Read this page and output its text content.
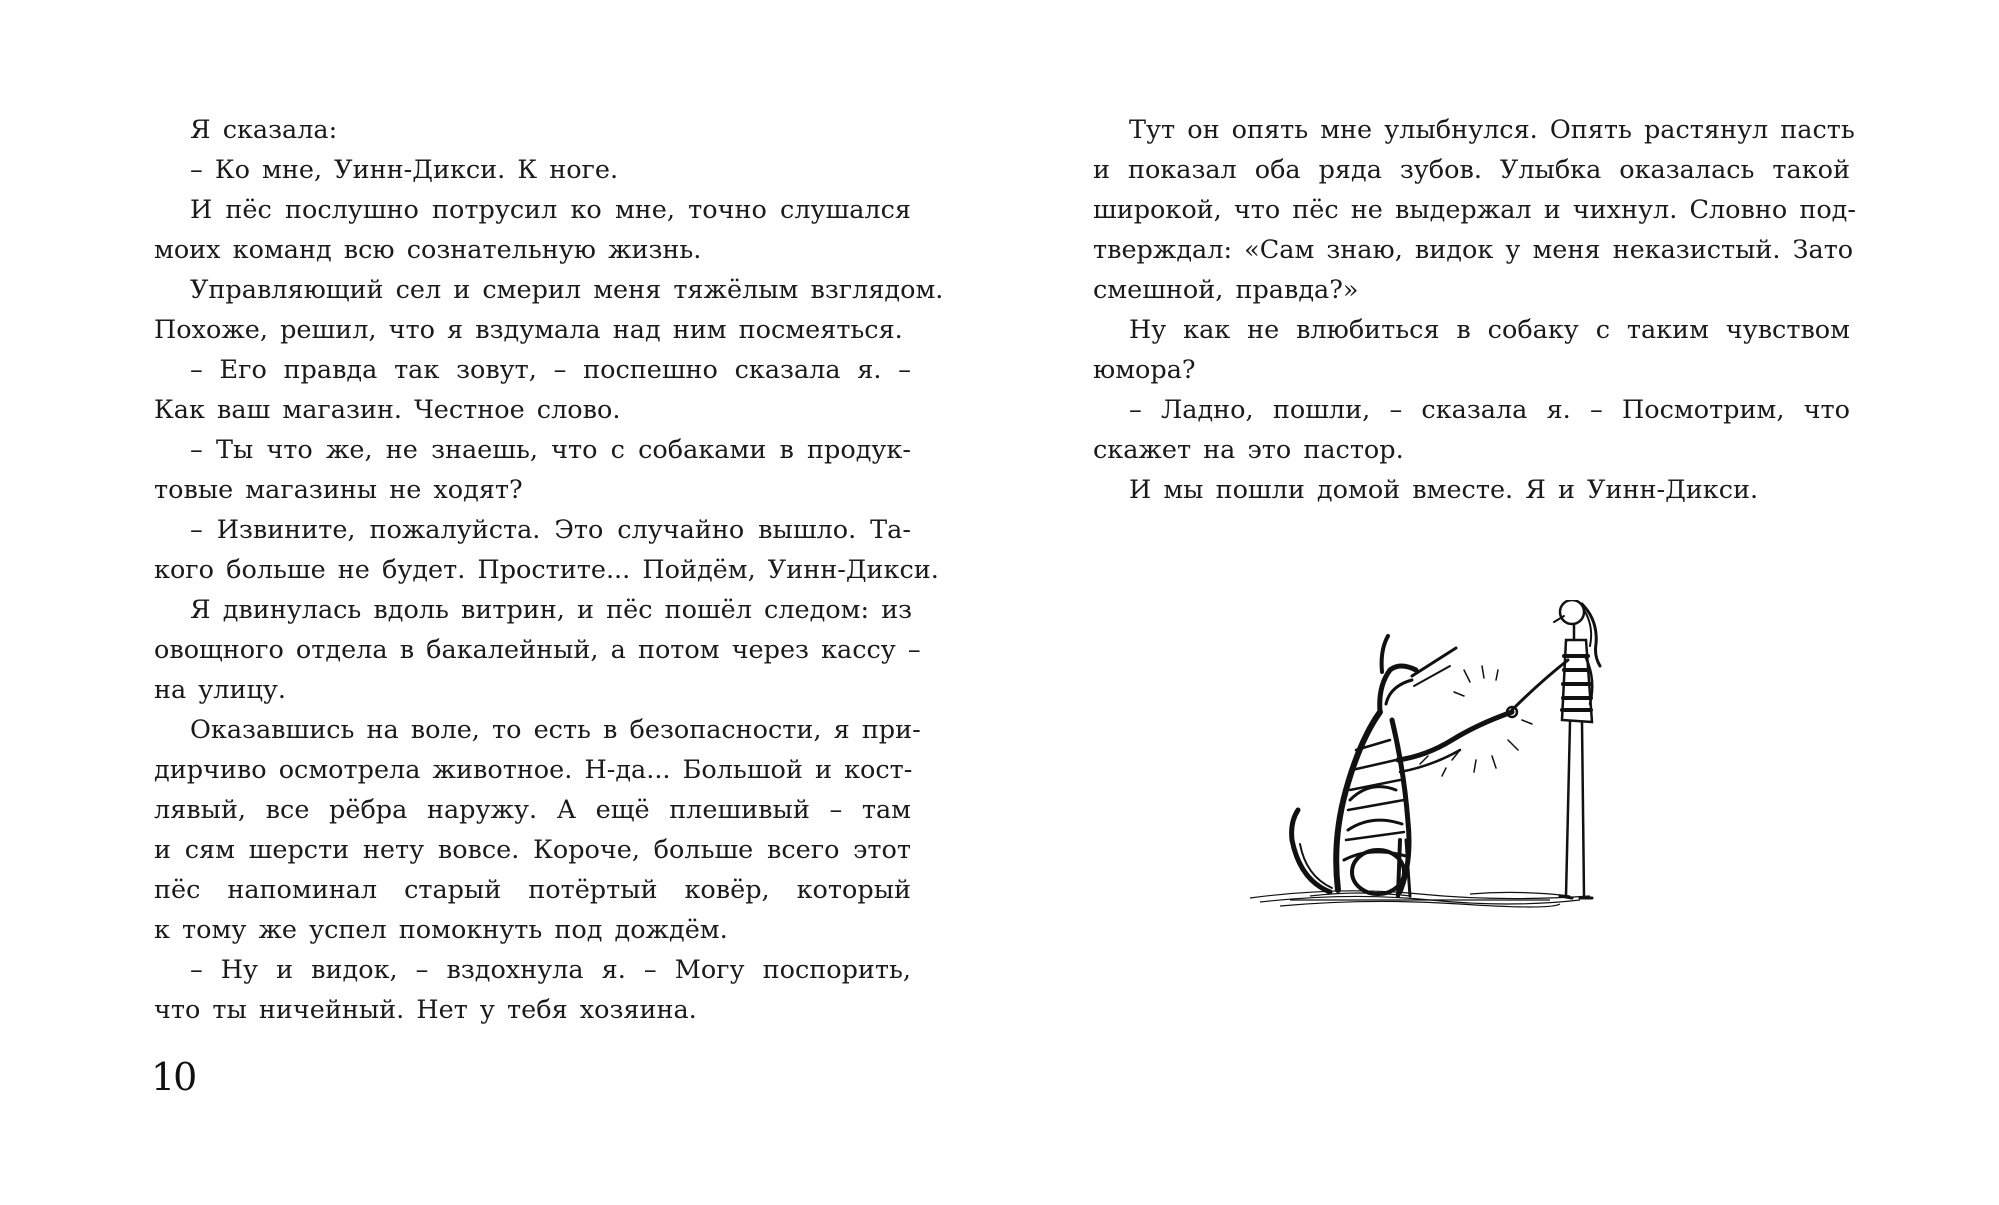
Я сказала:
– Ко мне, Уинн-Дикси. К ноге.
И пёс послушно потрусил ко мне, точно слушался
моих команд всю сознательную жизнь.
Управляющий сел и смерил меня тяжёлым взглядом.
Похоже, решил, что я вздумала над ним посмеяться.
– Его правда так зовут, – поспешно сказала я. –
Как ваш магазин. Честное слово.
– Ты что же, не знаешь, что с собаками в продук-
товые магазины не ходят?
– Извините, пожалуйста. Это случайно вышло. Та-
кого больше не будет. Простите... Пойдём, Уинн-Дикси.
Я двинулась вдоль витрин, и пёс пошёл следом: из
овощного отдела в бакалейный, а потом через кассу –
на улицу.
Оказавшись на воле, то есть в безопасности, я при-
дирчиво осмотрела животное. Н-да... Большой и кост-
лявый, все рёбра наружу. А ещё плешивый – там
и сям шерсти нету вовсе. Короче, больше всего этот
пёс напоминал старый потёртый ковёр, который
к тому же успел помокнуть под дождём.
– Ну и видок, – вздохнула я. – Могу поспорить,
что ты ничейный. Нет у тебя хозяина.
10
Тут он опять мне улыбнулся. Опять растянул пасть
и показал оба ряда зубов. Улыбка оказалась такой
широкой, что пёс не выдержал и чихнул. Словно под-
тверждал: «Сам знаю, видок у меня неказистый. Зато
смешной, правда?»
Ну как не влюбиться в собаку с таким чувством
юмора?
– Ладно, пошли, – сказала я. – Посмотрим, что
скажет на это пастор.
И мы пошли домой вместе. Я и Уинн-Дикси.
